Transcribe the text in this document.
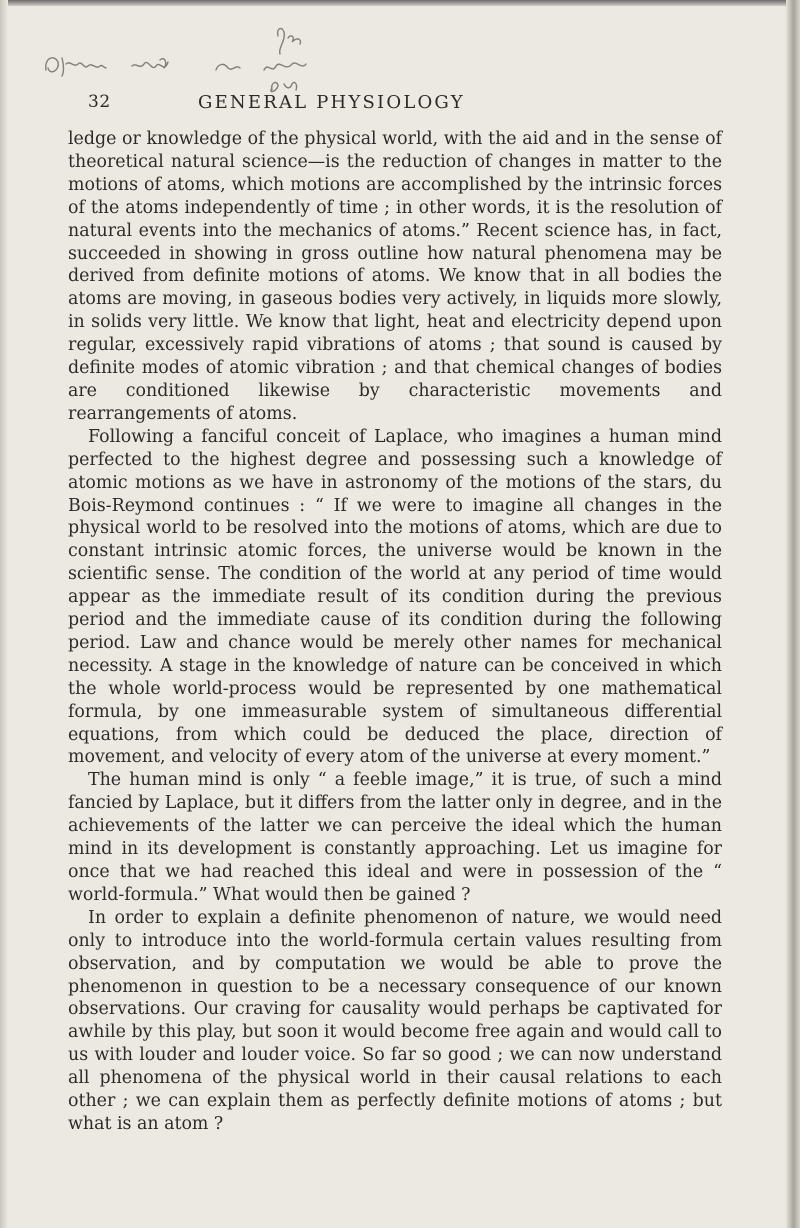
32	GENERAL PHYSIOLOGY

ledge or knowledge of the physical world, with the aid and in the sense of theoretical natural science—is the reduction of changes in matter to the motions of atoms, which motions are accomplished by the intrinsic forces of the atoms independently of time ; in other words, it is the resolution of natural events into the mechanics of atoms.” Recent science has, in fact, succeeded in showing in gross outline how natural phenomena may be derived from definite motions of atoms. We know that in all bodies the atoms are moving, in gaseous bodies very actively, in liquids more slowly, in solids very little. We know that light, heat and electricity depend upon regular, excessively rapid vibrations of atoms ; that sound is caused by definite modes of atomic vibration ; and that chemical changes of bodies are conditioned likewise by characteristic movements and rearrangements of atoms.

Following a fanciful conceit of Laplace, who imagines a human mind perfected to the highest degree and possessing such a knowledge of atomic motions as we have in astronomy of the motions of the stars, du Bois-Reymond continues : “ If we were to imagine all changes in the physical world to be resolved into the motions of atoms, which are due to constant intrinsic atomic forces, the universe would be known in the scientific sense. The condition of the world at any period of time would appear as the immediate result of its condition during the previous period and the immediate cause of its condition during the following period. Law and chance would be merely other names for mechanical necessity. A stage in the knowledge of nature can be conceived in which the whole world-process would be represented by one mathematical formula, by one immeasurable system of simultaneous differential equations, from which could be deduced the place, direction of movement, and velocity of every atom of the universe at every moment.”

The human mind is only “ a feeble image,” it is true, of such a mind fancied by Laplace, but it differs from the latter only in degree, and in the achievements of the latter we can perceive the ideal which the human mind in its development is constantly approaching. Let us imagine for once that we had reached this ideal and were in possession of the “ world-formula.” What would then be gained ?

In order to explain a definite phenomenon of nature, we would need only to introduce into the world-formula certain values resulting from observation, and by computation we would be able to prove the phenomenon in question to be a necessary consequence of our known observations. Our craving for causality would perhaps be captivated for awhile by this play, but soon it would become free again and would call to us with louder and louder voice. So far so good ; we can now understand all phenomena of the physical world in their causal relations to each other ; we can explain them as perfectly definite motions of atoms ; but what is an atom ?
